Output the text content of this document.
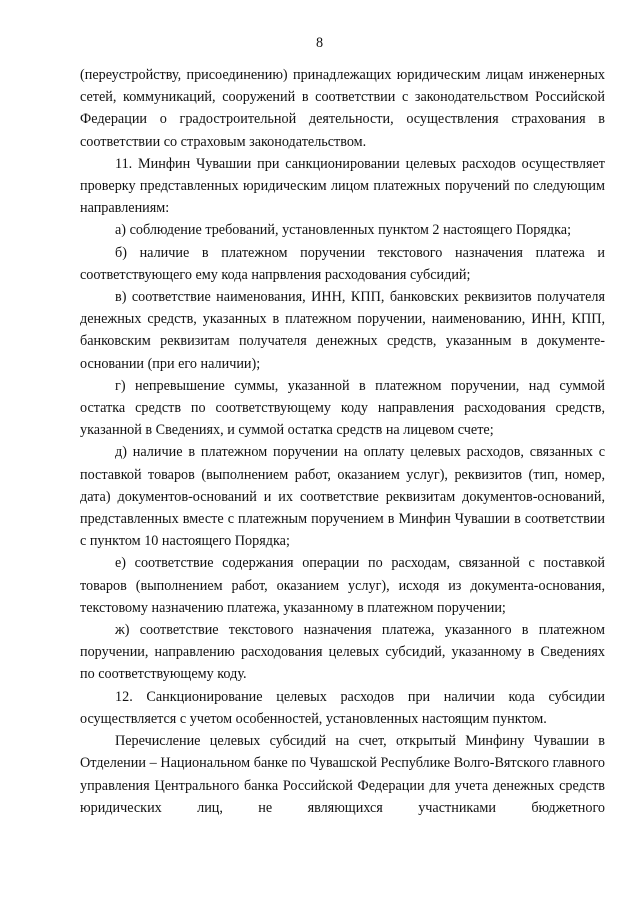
8

(переустройству, присоединению) принадлежащих юридическим лицам инженерных сетей, коммуникаций, сооружений в соответствии с законодательством Российской Федерации о градостроительной деятельности, осуществления страхования в соответствии со страховым законодательством.

11. Минфин Чувашии при санкционировании целевых расходов осуществляет проверку представленных юридическим лицом платежных поручений по следующим направлениям:

а) соблюдение требований, установленных пунктом 2 настоящего Порядка;

б) наличие в платежном поручении текстового назначения платежа и соответствующего ему кода напрвления расходования субсидий;

в) соответствие наименования, ИНН, КПП, банковских реквизитов получателя денежных средств, указанных в платежном поручении, наименованию, ИНН, КПП, банковским реквизитам получателя денежных средств, указанным в документе-основании (при его наличии);

г) непревышение суммы, указанной в платежном поручении, над суммой остатка средств по соответствующему коду направления расходования средств, указанной в Сведениях, и суммой остатка средств на лицевом счете;

д) наличие в платежном поручении на оплату целевых расходов, связанных с поставкой товаров (выполнением работ, оказанием услуг), реквизитов (тип, номер, дата) документов-оснований и их соответствие реквизитам документов-оснований, представленных вместе с платежным поручением в Минфин Чувашии в соответствии с пунктом 10 настоящего Порядка;

е) соответствие содержания операции по расходам, связанной с поставкой товаров (выполнением работ, оказанием услуг), исходя из документа-основания, текстовому назначению платежа, указанному в платежном поручении;

ж) соответствие текстового назначения платежа, указанного в платежном поручении, направлению расходования целевых субсидий, указанному в Сведениях по соответствующему коду.

12. Санкционирование целевых расходов при наличии кода субсидии осуществляется с учетом особенностей, установленных настоящим пунктом.

Перечисление целевых субсидий на счет, открытый Минфину Чувашии в Отделении – Национальном банке по Чувашской Республике Волго-Вятского главного управления Центрального банка Российской Федерации для учета денежных средств юридических лиц, не являющихся участниками бюджетного
